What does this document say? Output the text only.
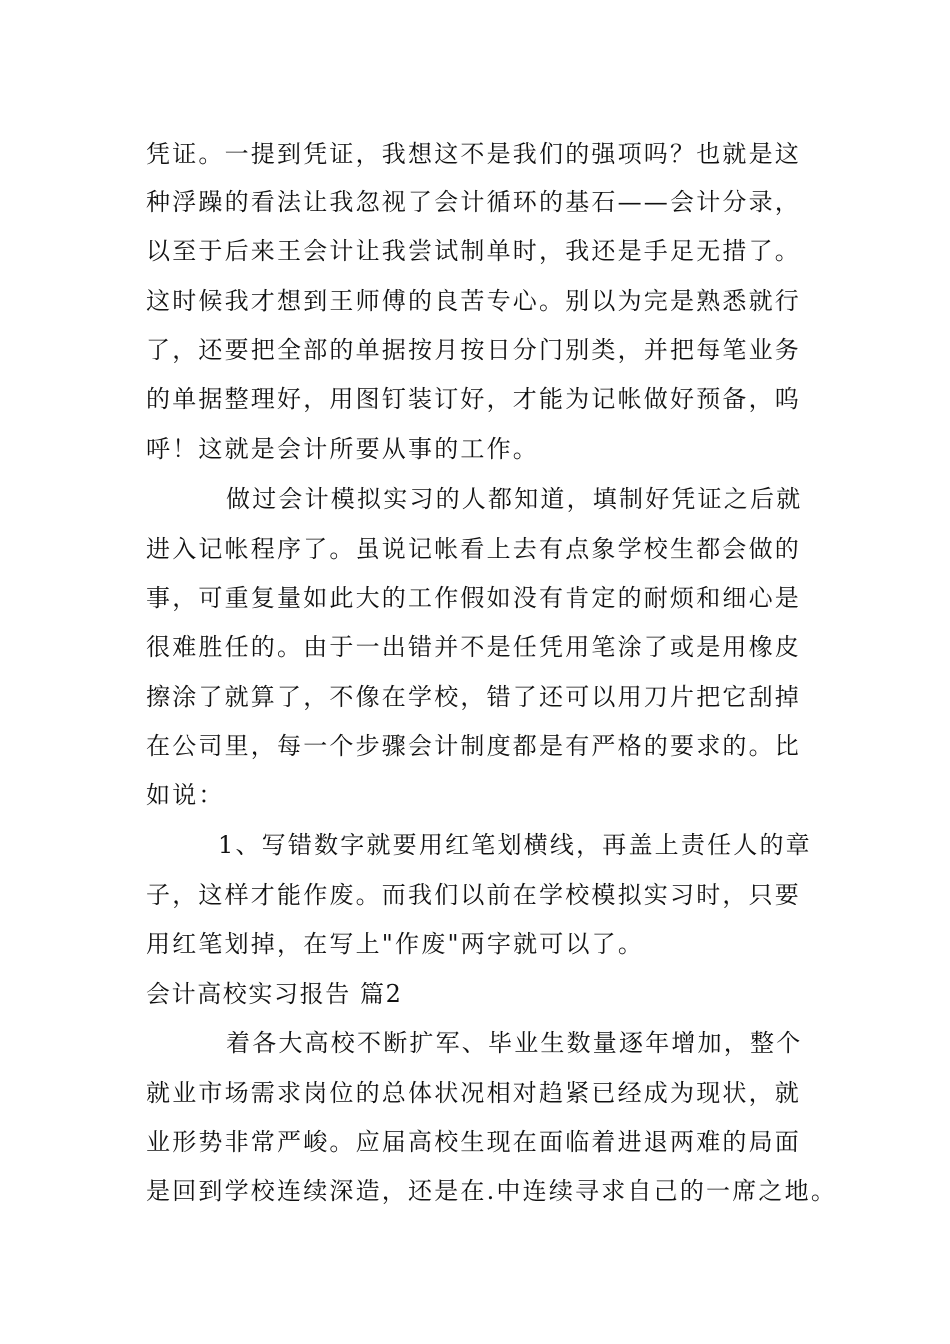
凭证。一提到凭证，我想这不是我们的强项吗？也就是这
种浮躁的看法让我忽视了会计循环的基石——会计分录，
以至于后来王会计让我尝试制单时，我还是手足无措了。
这时候我才想到王师傅的良苦专心。别以为完是熟悉就行
了，还要把全部的单据按月按日分门别类，并把每笔业务
的单据整理好，用图钉装订好，才能为记帐做好预备，呜
呼！这就是会计所要从事的工作。
做过会计模拟实习的人都知道，填制好凭证之后就
进入记帐程序了。虽说记帐看上去有点象学校生都会做的
事，可重复量如此大的工作假如没有肯定的耐烦和细心是
很难胜任的。由于一出错并不是任凭用笔涂了或是用橡皮
擦涂了就算了，不像在学校，错了还可以用刀片把它刮掉
在公司里，每一个步骤会计制度都是有严格的要求的。比
如说：
1、写错数字就要用红笔划横线，再盖上责任人的章
子，这样才能作废。而我们以前在学校模拟实习时，只要
用红笔划掉，在写上"作废"两字就可以了。
会计高校实习报告 篇2
着各大高校不断扩军、毕业生数量逐年增加，整个
就业市场需求岗位的总体状况相对趋紧已经成为现状，就
业形势非常严峻。应届高校生现在面临着进退两难的局面
是回到学校连续深造，还是在.中连续寻求自己的一席之地。
